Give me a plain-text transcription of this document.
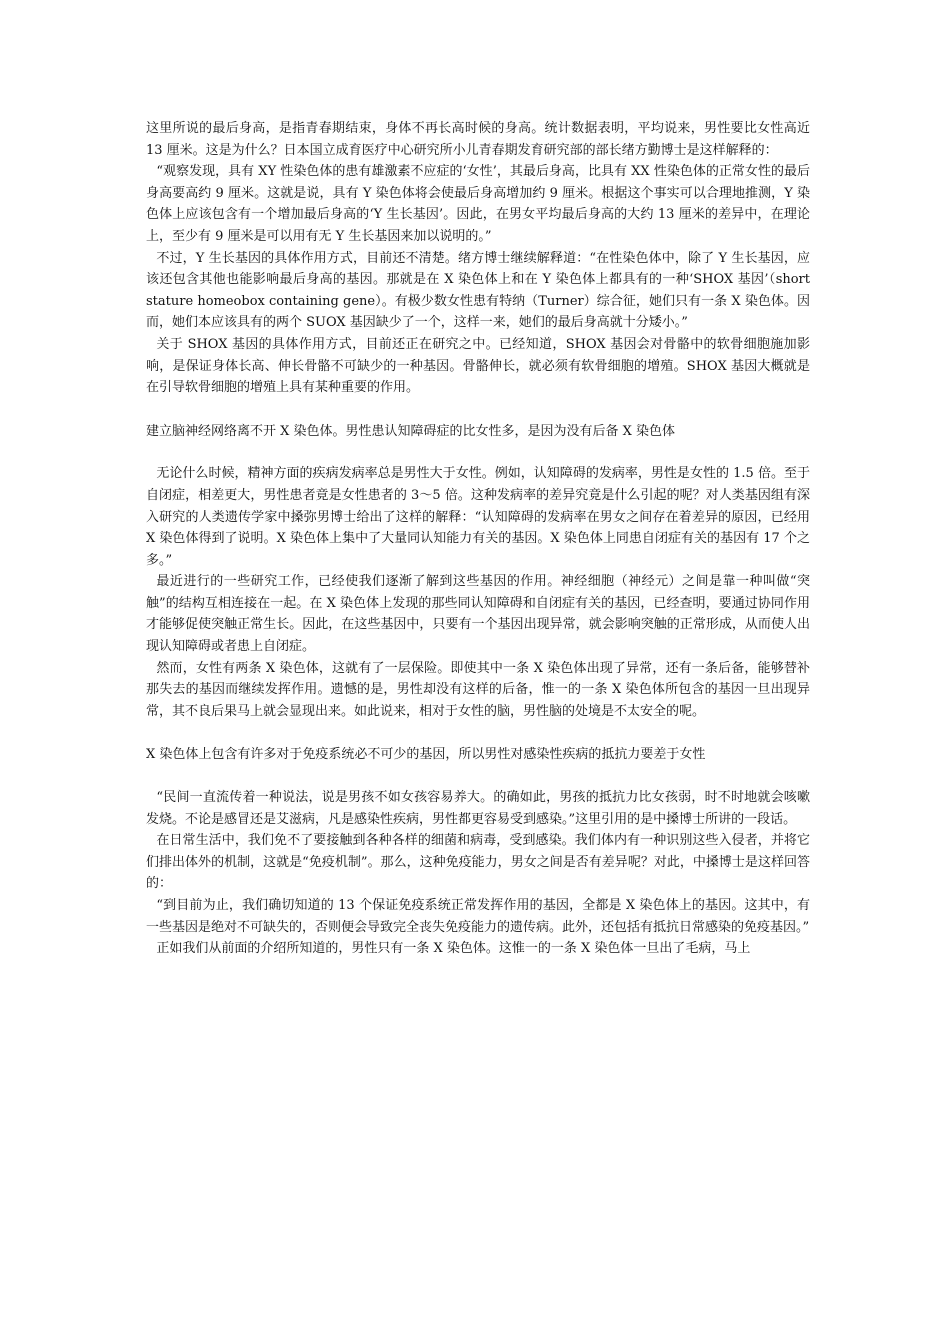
这里所说的最后身高，是指青春期结束，身体不再长高时候的身高。统计数据表明，平均说来，男性要比女性高近 13 厘米。这是为什么？日本国立成育医疗中心研究所小儿青春期发育研究部的部长绪方勤博士是这样解释的：

“观察发现，具有 XY 性染色体的患有雄激素不应症的‘女性’，其最后身高，比具有 XX 性染色体的正常女性的最后身高要高约 9 厘米。这就是说，具有 Y 染色体将会使最后身高增加约 9 厘米。根据这个事实可以合理地推测，Y 染色体上应该包含有一个增加最后身高的‘Y 生长基因’。因此，在男女平均最后身高的大约 13 厘米的差异中，在理论上，至少有 9 厘米是可以用有无 Y 生长基因来加以说明的。”

不过，Y 生长基因的具体作用方式，目前还不清楚。绪方博士继续解释道：“在性染色体中，除了 Y 生长基因，应该还包含其他也能影响最后身高的基因。那就是在 X 染色体上和在 Y 染色体上都具有的一种‘SHOX 基因’（short stature homeobox containing gene）。有极少数女性患有特纳（Turner）综合征，她们只有一条 X 染色体。因而，她们本应该具有的两个 SUOX 基因缺少了一个，这样一来，她们的最后身高就十分矮小。”

关于 SHOX 基因的具体作用方式，目前还正在研究之中。已经知道，SHOX 基因会对骨骼中的软骨细胞施加影响，是保证身体长高、伸长骨骼不可缺少的一种基因。骨骼伸长，就必须有软骨细胞的增殖。SHOX 基因大概就是在引导软骨细胞的增殖上具有某种重要的作用。

建立脑神经网络离不开 X 染色体。男性患认知障碍症的比女性多，是因为没有后备 X 染色体

无论什么时候，精神方面的疾病发病率总是男性大于女性。例如，认知障碍的发病率，男性是女性的 1.5 倍。至于自闭症，相差更大，男性患者竟是女性患者的 3～5 倍。这种发病率的差异究竟是什么引起的呢？对人类基因组有深入研究的人类遗传学家中搡弥男博士给出了这样的解释：“认知障碍的发病率在男女之间存在着差异的原因，已经用 X 染色体得到了说明。X 染色体上集中了大量同认知能力有关的基因。X 染色体上同患自闭症有关的基因有 17 个之多。”

最近进行的一些研究工作，已经使我们逐渐了解到这些基因的作用。神经细胞（神经元）之间是靠一种叫做“突触”的结构互相连接在一起。在 X 染色体上发现的那些同认知障碍和自闭症有关的基因，已经查明，要通过协同作用才能够促使突触正常生长。因此，在这些基因中，只要有一个基因出现异常，就会影响突触的正常形成，从而使人出现认知障碍或者患上自闭症。

然而，女性有两条 X 染色体，这就有了一层保险。即使其中一条 X 染色体出现了异常，还有一条后备，能够替补那失去的基因而继续发挥作用。遗憾的是，男性却没有这样的后备，惟一的一条 X 染色体所包含的基因一旦出现异常，其不良后果马上就会显现出来。如此说来，相对于女性的脑，男性脑的处境是不太安全的呢。

X 染色体上包含有许多对于免疫系统必不可少的基因，所以男性对感染性疾病的抵抗力要差于女性

“民间一直流传着一种说法，说是男孩不如女孩容易养大。的确如此，男孩的抵抗力比女孩弱，时不时地就会咳嗽发烧。不论是感冒还是艾滋病，凡是感染性疾病，男性都更容易受到感染。”这里引用的是中搡博士所讲的一段话。

在日常生活中，我们免不了要接触到各种各样的细菌和病毒，受到感染。我们体内有一种识别这些入侵者，并将它们排出体外的机制，这就是“免疫机制”。那么，这种免疫能力，男女之间是否有差异呢？对此，中搡博士是这样回答的：

“到目前为止，我们确切知道的 13 个保证免疫系统正常发挥作用的基因，全都是 X 染色体上的基因。这其中，有一些基因是绝对不可缺失的，否则便会导致完全丧失免疫能力的遗传病。此外，还包括有抵抗日常感染的免疫基因。”

正如我们从前面的介绍所知道的，男性只有一条 X 染色体。这惟一的一条 X 染色体一旦出了毛病，马上
